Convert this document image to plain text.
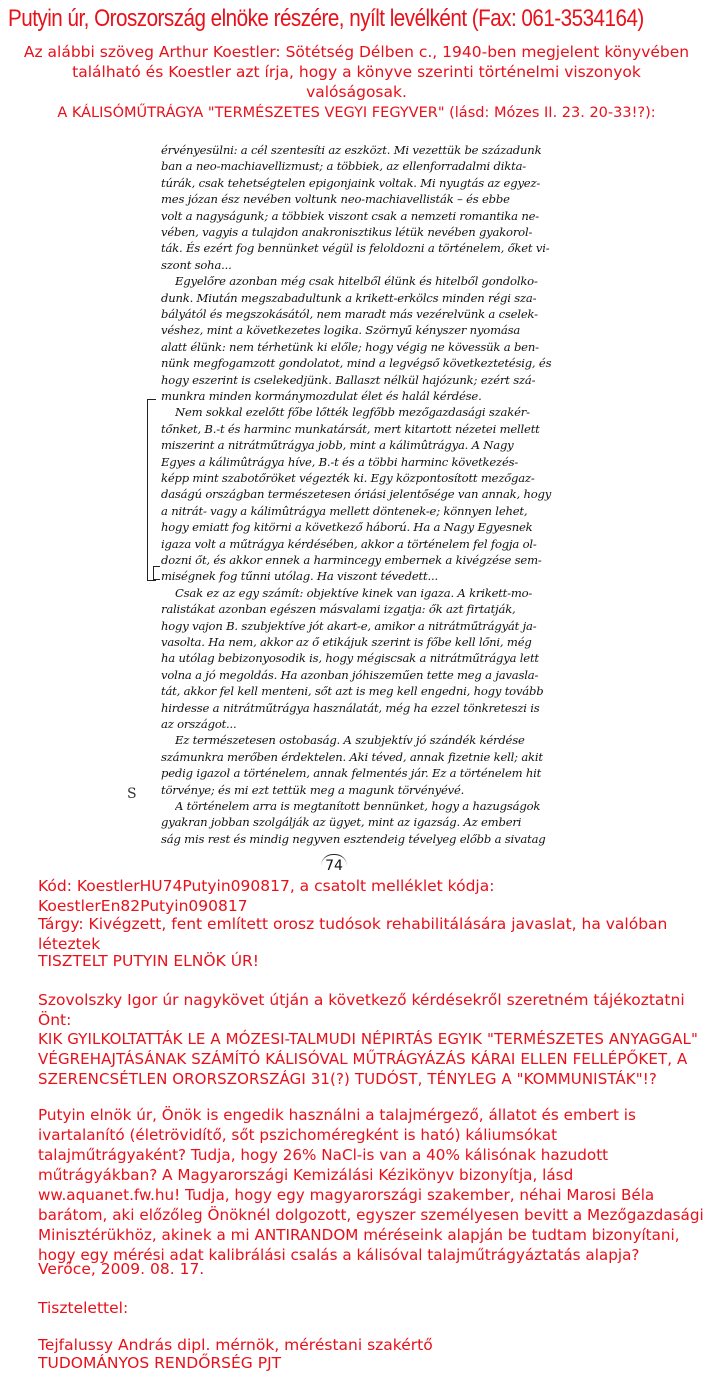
Putyin úr, Oroszország elnöke részére, nyílt levélként (Fax: 061-3534164)
Az alábbi szöveg Arthur Koestler: Sötétség Délben c., 1940-ben megjelent könyvében található és Koestler azt írja, hogy a könyve szerinti történelmi viszonyok valóságosak.
A KÁLISÓMŰTRÁGYA "TERMÉSZETES VEGYI FEGYVER" (lásd: Mózes II. 23. 20-33!?):
érvényesülni: a cél szentesíti az eszközt. Mi vezettük be századunk
ban a neo-machiavellizmust; a többiek, az ellenforradalmi dikta-
túrák, csak tehetségtelen epigonjaink voltak. Mi nyugtás az egyez-
mes józan ész nevében voltunk neo-machiavellisták – és ebbe
volt a nagyságunk; a többiek viszont csak a nemzeti romantika ne-
vében, vagyis a tulajdon anakronisztikus létük nevében gyakorol-
ták. És ezért fog bennünket végül is feloldozni a történelem, őket vi-
szont soha...
Egyelőre azonban még csak hitelből élünk és hitelből gondolko-
dunk. Miután megszabadultunk a krikett-erkölcs minden régi sza-
bályától és megszokásától, nem maradt más vezérelvünk a cselek-
véshez, mint a következetes logika. Szörnyű kényszer nyomása
alatt élünk: nem térhetünk ki előle; hogy végig ne kövessük a ben-
nünk megfogamzott gondolatot, mind a legvégső következtetésig, és
hogy eszerint is cselekedjünk. Ballaszt nélkül hajózunk; ezért szá-
munkra minden kormánymozdulat élet és halál kérdése.
Nem sokkal ezelőtt főbe lőtték legfőbb mezőgazdasági szakér-
tőnket, B.-t és harminc munkatársát, mert kitartott nézetei mellett
miszerint a nitrátműtrágya jobb, mint a kálimûtrágya. A Nagy
Egyes a kálimûtrágya híve, B.-t és a többi harminc következés-
képp mint szabotőröket végezték ki. Egy központosított mezőgaz-
daságú országban természetesen óriási jelentősége van annak, hogy
a nitrát- vagy a kálimûtrágya mellett döntenek-e; könnyen lehet,
hogy emiatt fog kitörni a következő háború. Ha a Nagy Egyesnek
igaza volt a műtrágya kérdésében, akkor a történelem fel fogja ol-
dozni őt, és akkor ennek a harmincegy embernek a kivégzése sem-
miségnek fog tűnni utólag. Ha viszont tévedett...
Csak ez az egy számít: objektíve kinek van igaza. A krikett-mo-
ralistákat azonban egészen másvalami izgatja: ők azt firtatják,
hogy vajon B. szubjektíve jót akart-e, amikor a nitrátműtrágyát ja-
vasolta. Ha nem, akkor az ő etikájuk szerint is főbe kell lőni, még
ha utólag bebizonyosodik is, hogy mégiscsak a nitrátműtrágya lett
volna a jó megoldás. Ha azonban jóhiszeműen tette meg a javasla-
tát, akkor fel kell menteni, sőt azt is meg kell engedni, hogy tovább
hirdesse a nitrátműtrágya használatát, még ha ezzel tönkreteszi is
az országot...
Ez természetesen ostobaság. A szubjektív jó szándék kérdése
számunkra merőben érdektelen. Aki téved, annak fizetnie kell; akit
pedig igazol a történelem, annak felmentés jár. Ez a történelem hit
törvénye; és mi ezt tettük meg a magunk törvényévé.
A történelem arra is megtanított bennünket, hogy a hazugságok
gyakran jobban szolgálják az ügyet, mint az igazság. Az emberi
ság mis rest és mindig negyven esztendeig tévelyeg előbb a sivatag
74
S
Kód: KoestlerHU74Putyin090817, a csatolt melléklet kódja: KoestlerEn82Putyin090817
Tárgy: Kivégzett, fent említett orosz tudósok rehabilitálására javaslat, ha valóban léteztek
TISZTELT PUTYIN ELNÖK ÚR!
Szovolszky Igor úr nagykövet útján a következő kérdésekről szeretném tájékoztatni Önt:
KIK GYILKOLTATTÁK LE A MÓZESI-TALMUDI NÉPIRTÁS EGYIK "TERMÉSZETES ANYAGGAL" VÉGREHAJTÁSÁNAK SZÁMÍTÓ KÁLISÓVAL MŰTRÁGYÁZÁS KÁRAI ELLEN FELLÉPŐKET, A SZERENCSÉTLEN ORORSZORSZÁGI 31(?) TUDÓST, TÉNYLEG A "KOMMUNISTÁK"!?
Putyin elnök úr, Önök is engedik használni a talajmérgező, állatot és embert is ivartalanító (életrövidítő, sőt pszichoméregként is ható) káliumsókat talajműtrágyaként? Tudja, hogy 26% NaCl-is van a 40% kálisónak hazudott műtrágyákban? A Magyarországi Kemizálási Kézikönyv bizonyítja, lásd ww.aquanet.fw.hu! Tudja, hogy egy magyarországi szakember, néhai Marosi Béla barátom, aki előzőleg Önöknél dolgozott, egyszer személyesen bevitt a Mezőgazdasági Minisztérükhöz, akinek a mi ANTIRANDOM méréseink alapján be tudtam bizonyítani, hogy egy mérési adat kalibrálási csalás a kálisóval talajműtrágyáztatás alapja?
Verőce, 2009. 08. 17.
Tisztelettel:
Tejfalussy András dipl. mérnök, méréstani szakértő
TUDOMÁNYOS RENDŐRSÉG PJT
